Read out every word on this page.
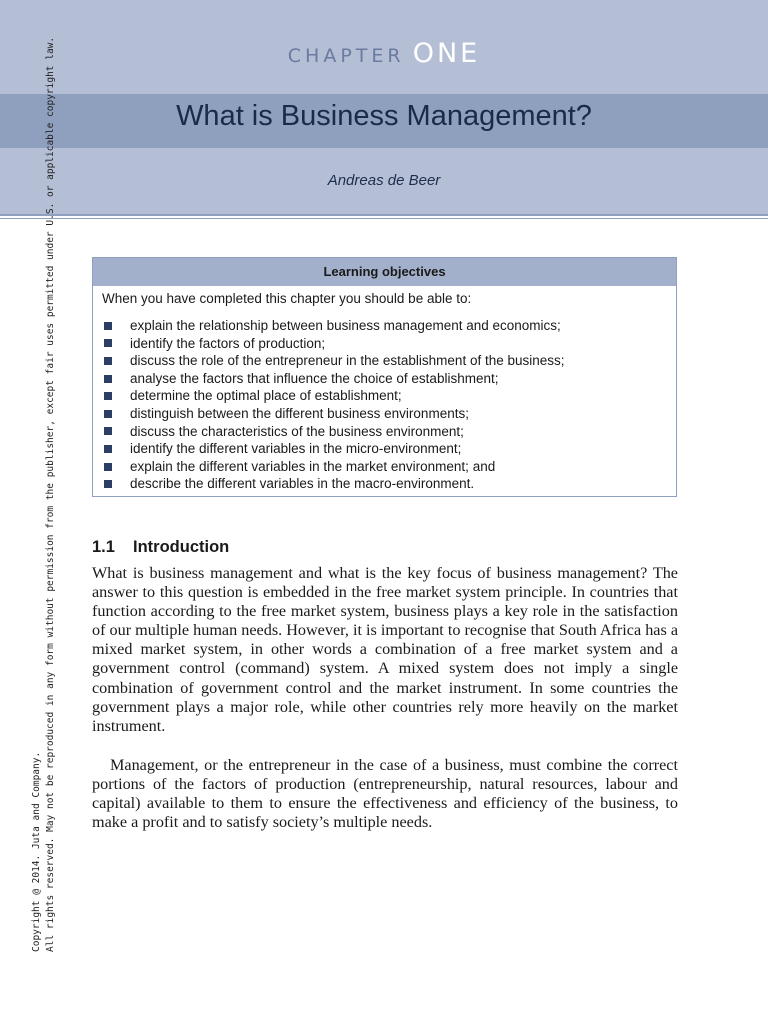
CHAPTER ONE
What is Business Management?
Andreas de Beer
Copyright @ 2014. Juta and Company. All rights reserved. May not be reproduced in any form without permission from the publisher, except fair uses permitted under U.S. or applicable copyright law.	Learning objectives
When you have completed this chapter you should be able to:
explain the relationship between business management and economics;
identify the factors of production;
discuss the role of the entrepreneur in the establishment of the business;
analyse the factors that influence the choice of establishment;
determine the optimal place of establishment;
distinguish between the different business environments;
discuss the characteristics of the business environment;
identify the different variables in the micro-environment;
explain the different variables in the market environment; and
describe the different variables in the macro-environment.
1.1 Introduction

What is business management and what is the key focus of business management? The answer to this question is embedded in the free market system principle. In countries that function according to the free market system, business plays a key role in the satisfaction of our multiple human needs. However, it is important to recognise that South Africa has a mixed market system, in other words a combination of a free market system and a government control (command) system. A mixed system does not imply a single combination of government control and the market instrument. In some countries the government plays a major role, while other countries rely more heavily on the market instrument.

Management, or the entrepreneur in the case of a business, must combine the correct portions of the factors of production (entrepreneurship, natural resources, labour and capital) available to them to ensure the effectiveness and efficiency of the business, to make a profit and to satisfy society’s multiple needs.
